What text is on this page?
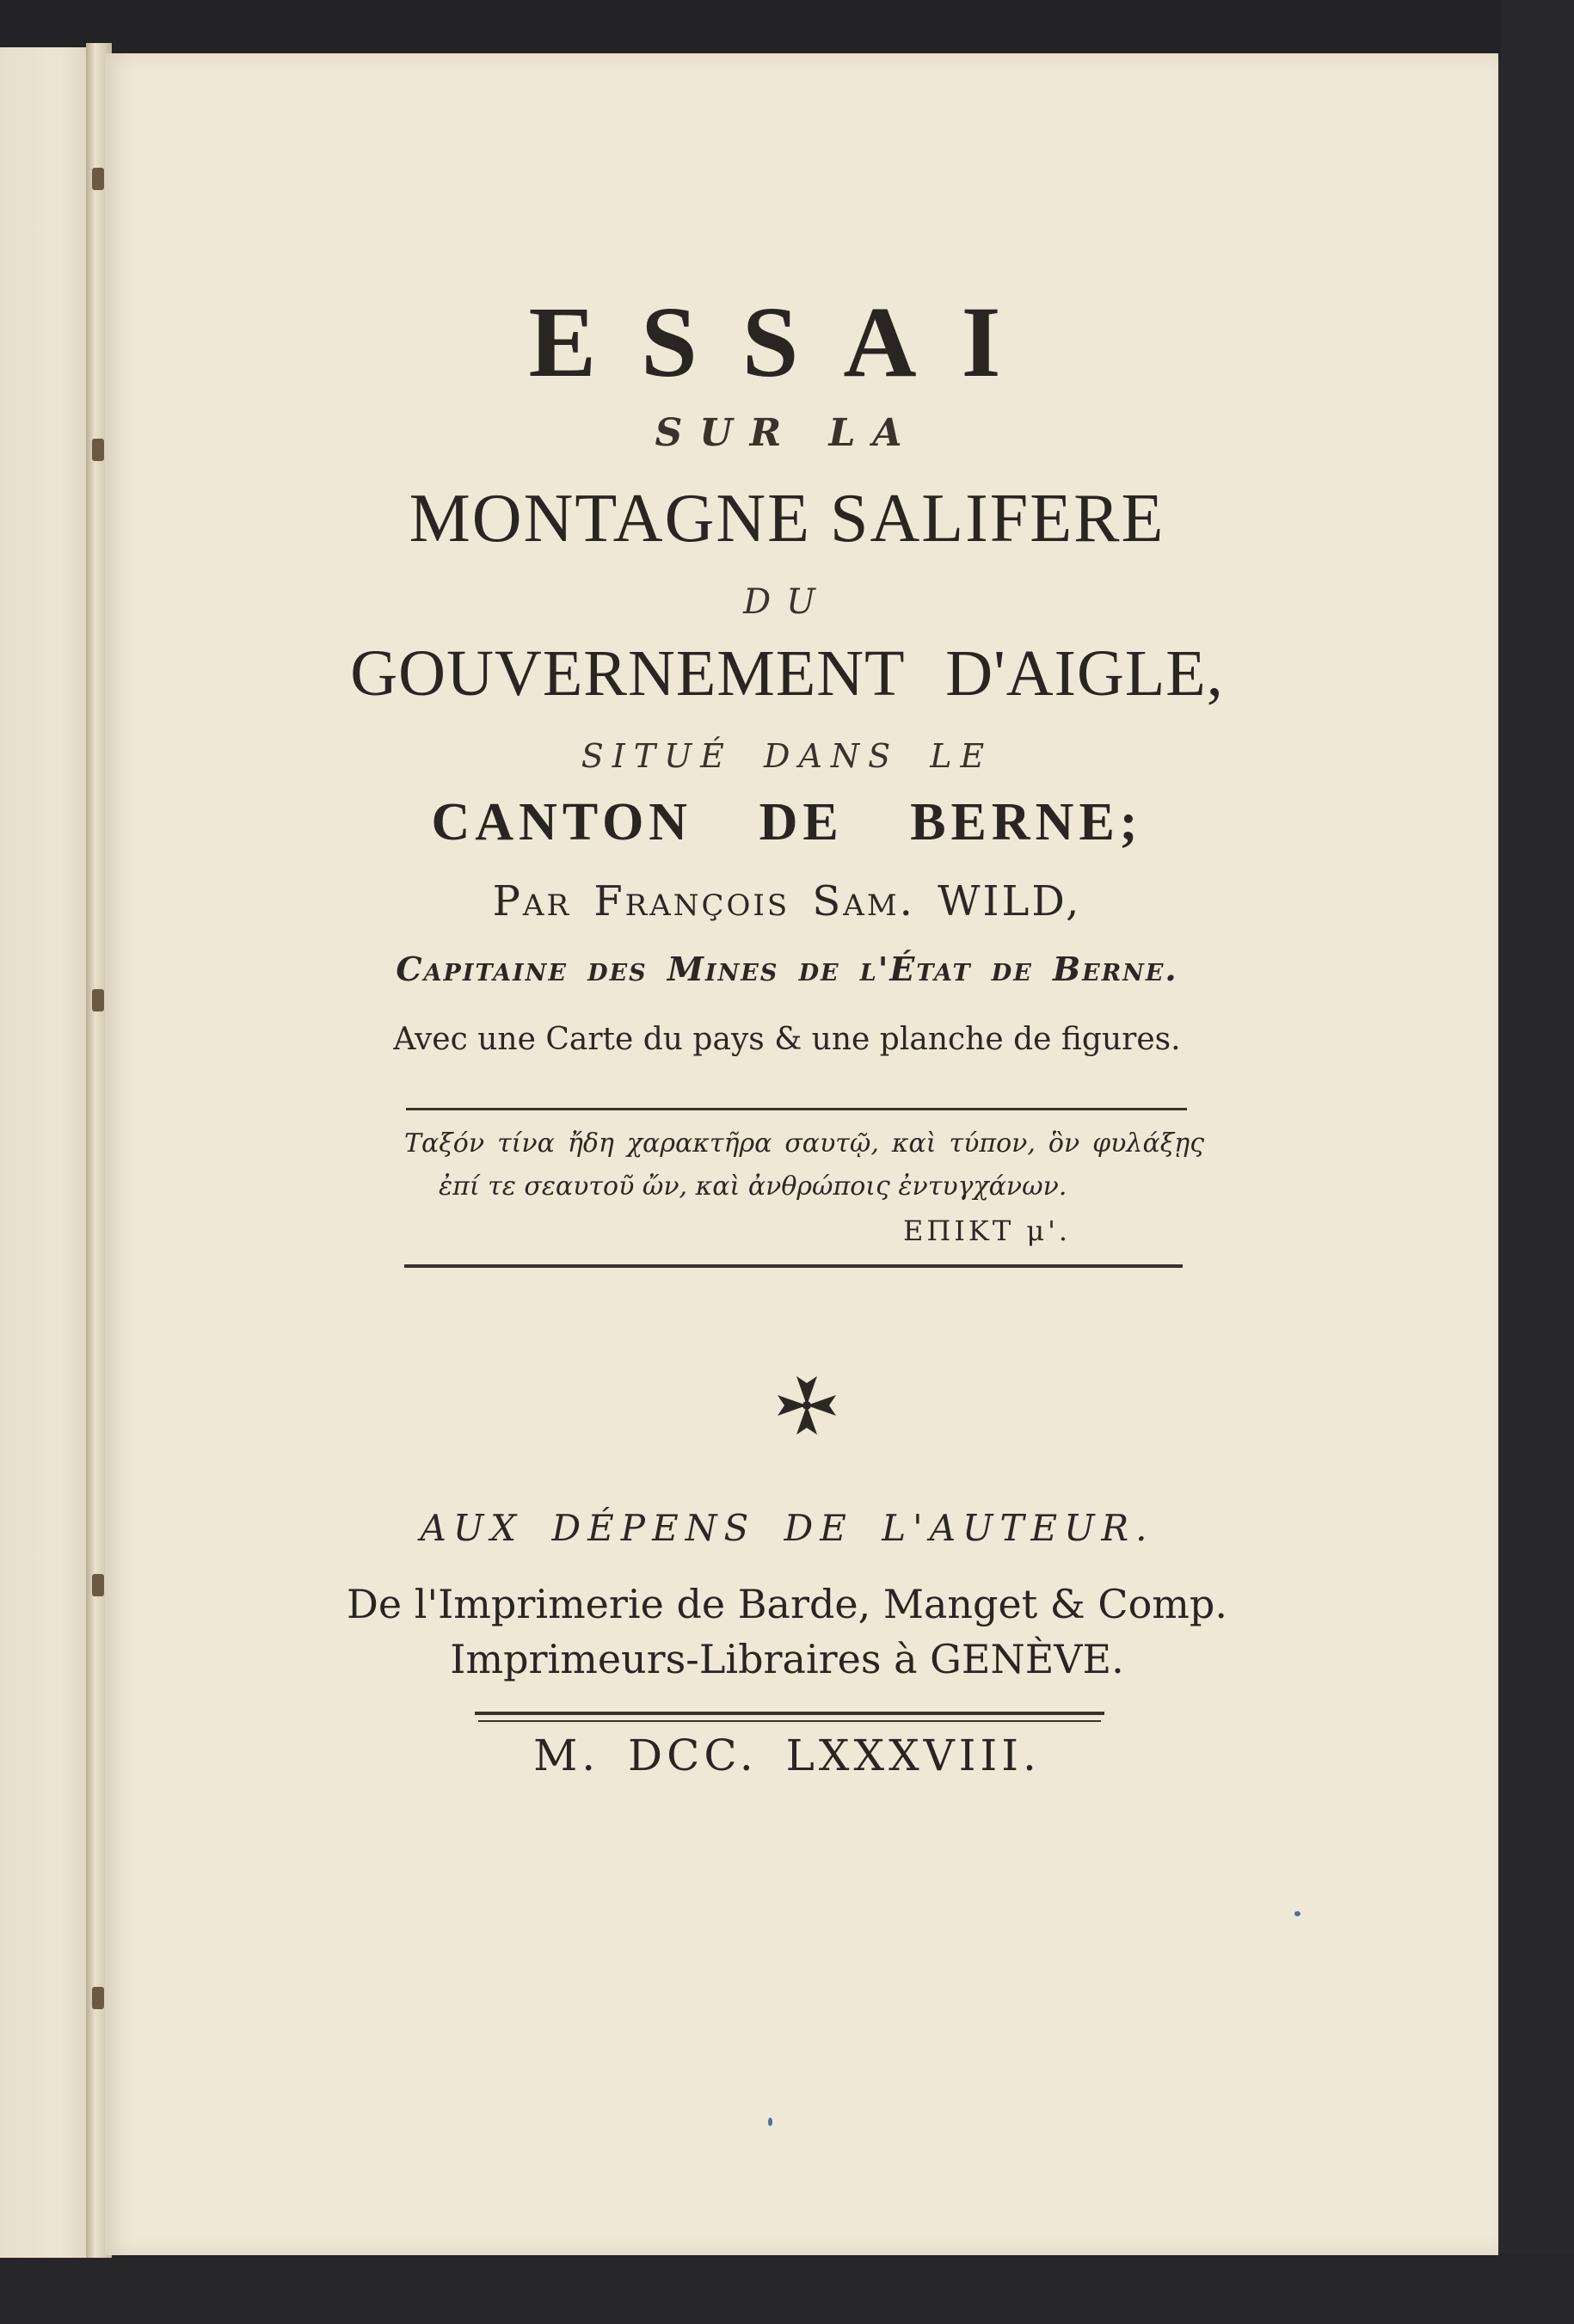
ESSAI
SUR LA
MONTAGNE SALIFERE
DU
GOUVERNEMENT D'AIGLE,
SITUÉ DANS LE
CANTON DE BERNE;
Par François Sam. WILD,
Capitaine des Mines de l'État de Berne.
Avec une Carte du pays & une planche de figures.
Ταξόν τίνα ἤδη χαρακτῆρα σαυτῷ, καὶ τύπον, ὃν φυλάξῃς
ἐπί τε σεαυτοῦ ὤν, καὶ ἀνθρώποις ἐντυγχάνων.
ΕΠΙΚΤ μ'.
AUX DÉPENS DE L'AUTEUR.
De l'Imprimerie de Barde, Manget & Comp.
Imprimeurs-Libraires à GENÈVE.
M. DCC. LXXXVIII.
